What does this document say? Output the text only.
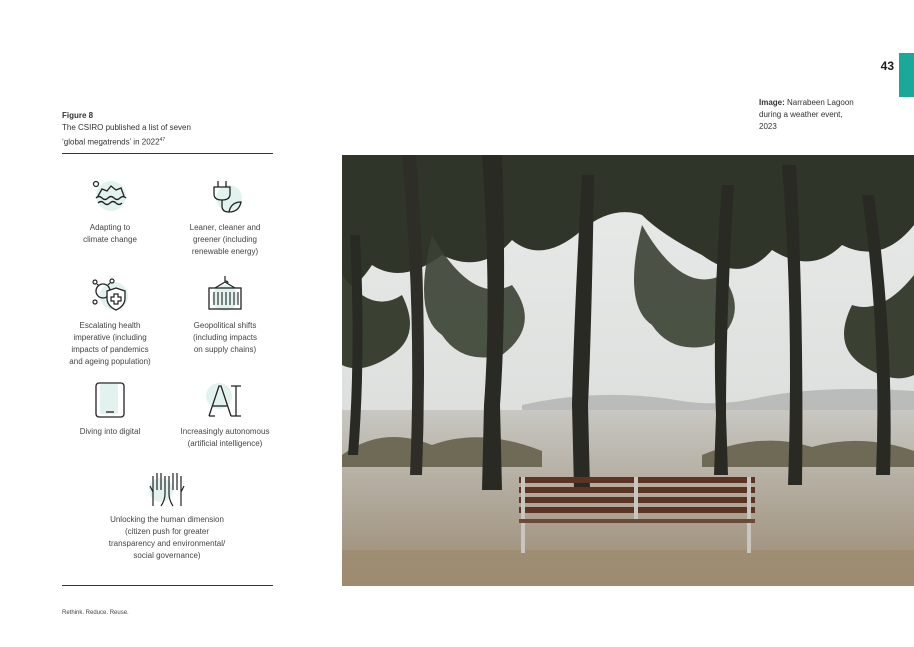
43
Figure 8
The CSIRO published a list of seven
‘global megatrends’ in 2022$^{47}$
Image: Narrabeen Lagoon during a weather event, 2023
Adapting to
climate change
Leaner, cleaner and
greener (including
renewable energy)
Escalating health
imperative (including
impacts of pandemics
and ageing population)
Geopolitical shifts
(including impacts
on supply chains)
Diving into digital	Increasingly autonomous
(artificial intelligence)
Unlocking the human dimension
(citizen push for greater
transparency and environmental/
social governance)
Rethink. Reduce. Reuse.
